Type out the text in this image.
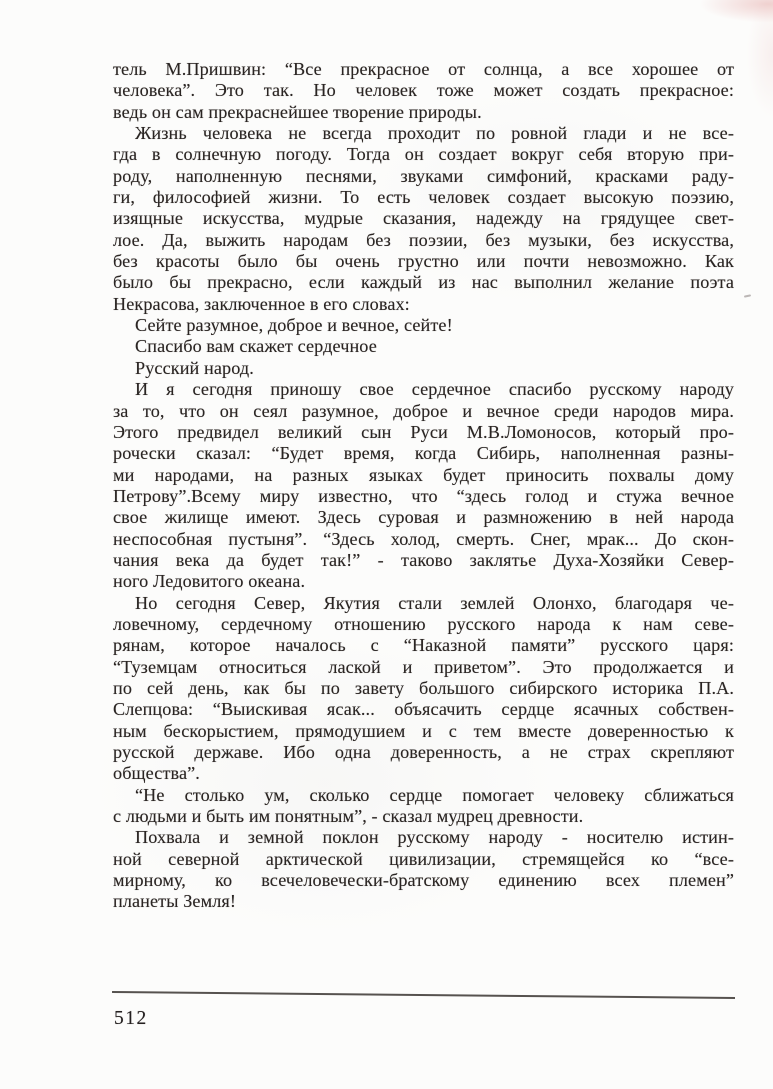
тель М.Пришвин: “Все прекрасное от солнца, а все хорошее от
человека”. Это так. Но человек тоже может создать прекрасное:
ведь он сам прекраснейшее творение природы.
Жизнь человека не всегда проходит по ровной глади и не все-
гда в солнечную погоду. Тогда он создает вокруг себя вторую при-
роду, наполненную песнями, звуками симфоний, красками раду-
ги, философией жизни. То есть человек создает высокую поэзию,
изящные искусства, мудрые сказания, надежду на грядущее свет-
лое. Да, выжить народам без поэзии, без музыки, без искусства,
без красоты было бы очень грустно или почти невозможно. Как
было бы прекрасно, если каждый из нас выполнил желание поэта
Некрасова, заключенное в его словах:
Сейте разумное, доброе и вечное, сейте!
Спасибо вам скажет сердечное
Русский народ.
И я сегодня приношу свое сердечное спасибо русскому народу
за то, что он сеял разумное, доброе и вечное среди народов мира.
Этого предвидел великий сын Руси М.В.Ломоносов, который про-
рочески сказал: “Будет время, когда Сибирь, наполненная разны-
ми народами, на разных языках будет приносить похвалы дому
Петрову”.Всему миру известно, что “здесь голод и стужа вечное
свое жилище имеют. Здесь суровая и размножению в ней народа
неспособная пустыня”. “Здесь холод, смерть. Снег, мрак... До скон-
чания века да будет так!” - таково заклятье Духа-Хозяйки Север-
ного Ледовитого океана.
Но сегодня Север, Якутия стали землей Олонхо, благодаря че-
ловечному, сердечному отношению русского народа к нам севе-
рянам, которое началось с “Наказной памяти” русского царя:
“Туземцам относиться лаской и приветом”. Это продолжается и
по сей день, как бы по завету большого сибирского историка П.А.
Слепцова: “Выискивая ясак... объясачить сердце ясачных собствен-
ным бескорыстием, прямодушием и с тем вместе доверенностью к
русской державе. Ибо одна доверенность, а не страх скрепляют
общества”.
“Не столько ум, сколько сердце помогает человеку сближаться
с людьми и быть им понятным”, - сказал мудрец древности.
Похвала и земной поклон русскому народу - носителю истин-
ной северной арктической цивилизации, стремящейся ко “все-
мирному, ко всечеловечески-братскому единению всех племен”
планеты Земля!
512
